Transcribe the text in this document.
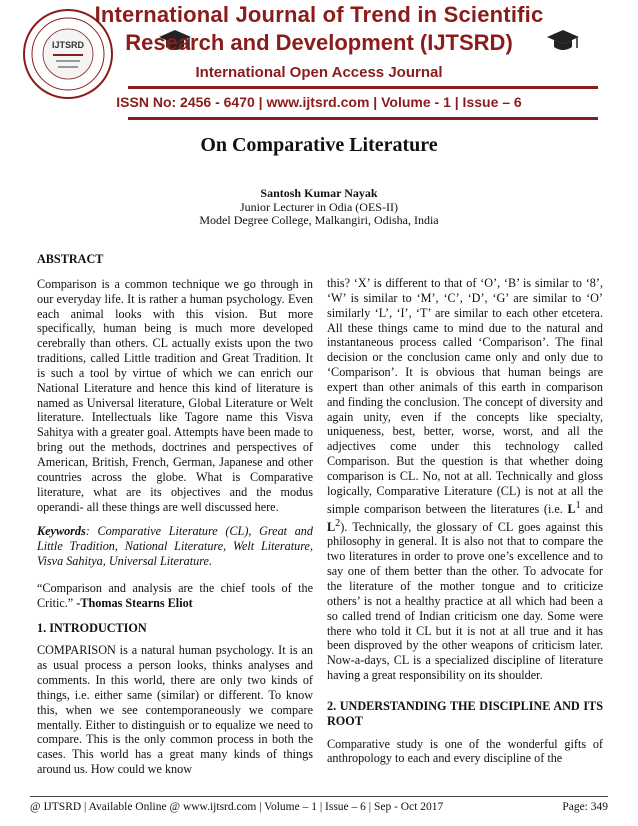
IJTSRD
International Journal of Trend in Scientific
Research and Development (IJTSRD)
International Open Access Journal
ISSN No: 2456 - 6470 | www.ijtsrd.com | Volume - 1 | Issue – 6
On Comparative Literature
Santosh Kumar Nayak
Junior Lecturer in Odia (OES-II)
Model Degree College, Malkangiri, Odisha, India

ABSTRACT

Comparison is a common technique we go through in our everyday life. It is rather a human psychology. Even each animal looks with this vision. But more specifically, human being is much more developed cerebrally than others. CL actually exists upon the two traditions, called Little tradition and Great Tradition. It is such a tool by virtue of which we can enrich our National Literature and hence this kind of literature is named as Universal literature, Global Literature or Welt literature. Intellectuals like Tagore name this Visva Sahitya with a greater goal. Attempts have been made to bring out the methods, doctrines and perspectives of American, British, French, German, Japanese and other countries across the globe. What is Comparative literature, what are its objectives and the modus operandi- all these things are well discussed here.

Keywords: Comparative Literature (CL), Great and Little Tradition, National Literature, Welt Literature, Visva Sahitya, Universal Literature.

“Comparison and analysis are the chief tools of the Critic.” -Thomas Stearns Eliot

1. INTRODUCTION

COMPARISON is a natural human psychology. It is an as usual process a person looks, thinks analyses and comments. In this world, there are only two kinds of things, i.e. either same (similar) or different. To know this, when we see contemporaneously we compare mentally. Either to distinguish or to equalize we need to compare. This is the only common process in both the cases. This world has a great many kinds of things around us. How could we know

this? ‘X’ is different to that of ‘O’, ‘B’ is similar to ‘8’, ‘W’ is similar to ‘M’, ‘C’, ‘D’, ‘G’ are similar to ‘O’ similarly ‘L’, ‘I’, ‘T’ are similar to each other etcetera. All these things came to mind due to the natural and instantaneous process called ‘Comparison’. The final decision or the conclusion came only and only due to ‘Comparison’. It is obvious that human beings are expert than other animals of this earth in comparison and finding the conclusion. The concept of diversity and again unity, even if the concepts like specialty, uniqueness, best, better, worse, worst, and all the adjectives come under this technology called Comparison. But the question is that whether doing comparison is CL. No, not at all. Technically and gloss logically, Comparative Literature (CL) is not at all the simple comparison between the literatures (i.e. $L^1$ and $L^2$). Technically, the glossary of CL goes against this philosophy in general. It is also not that to compare the two literatures in order to prove one’s excellence and to say one of them better than the other. To advocate for the literature of the mother tongue and to criticize others’ is not a healthy practice at all which had been a so called trend of Indian criticism one day. Some were there who told it CL but it is not at all true and it has been disproved by the other weapons of criticism later. Now-a-days, CL is a specialized discipline of literature having a great responsibility on its shoulder.

2. UNDERSTANDING THE DISCIPLINE AND ITS ROOT

Comparative study is one of the wonderful gifts of anthropology to each and every discipline of the

@ IJTSRD | Available Online @ www.ijtsrd.com | Volume – 1 | Issue – 6 | Sep - Oct 2017	Page: 349
